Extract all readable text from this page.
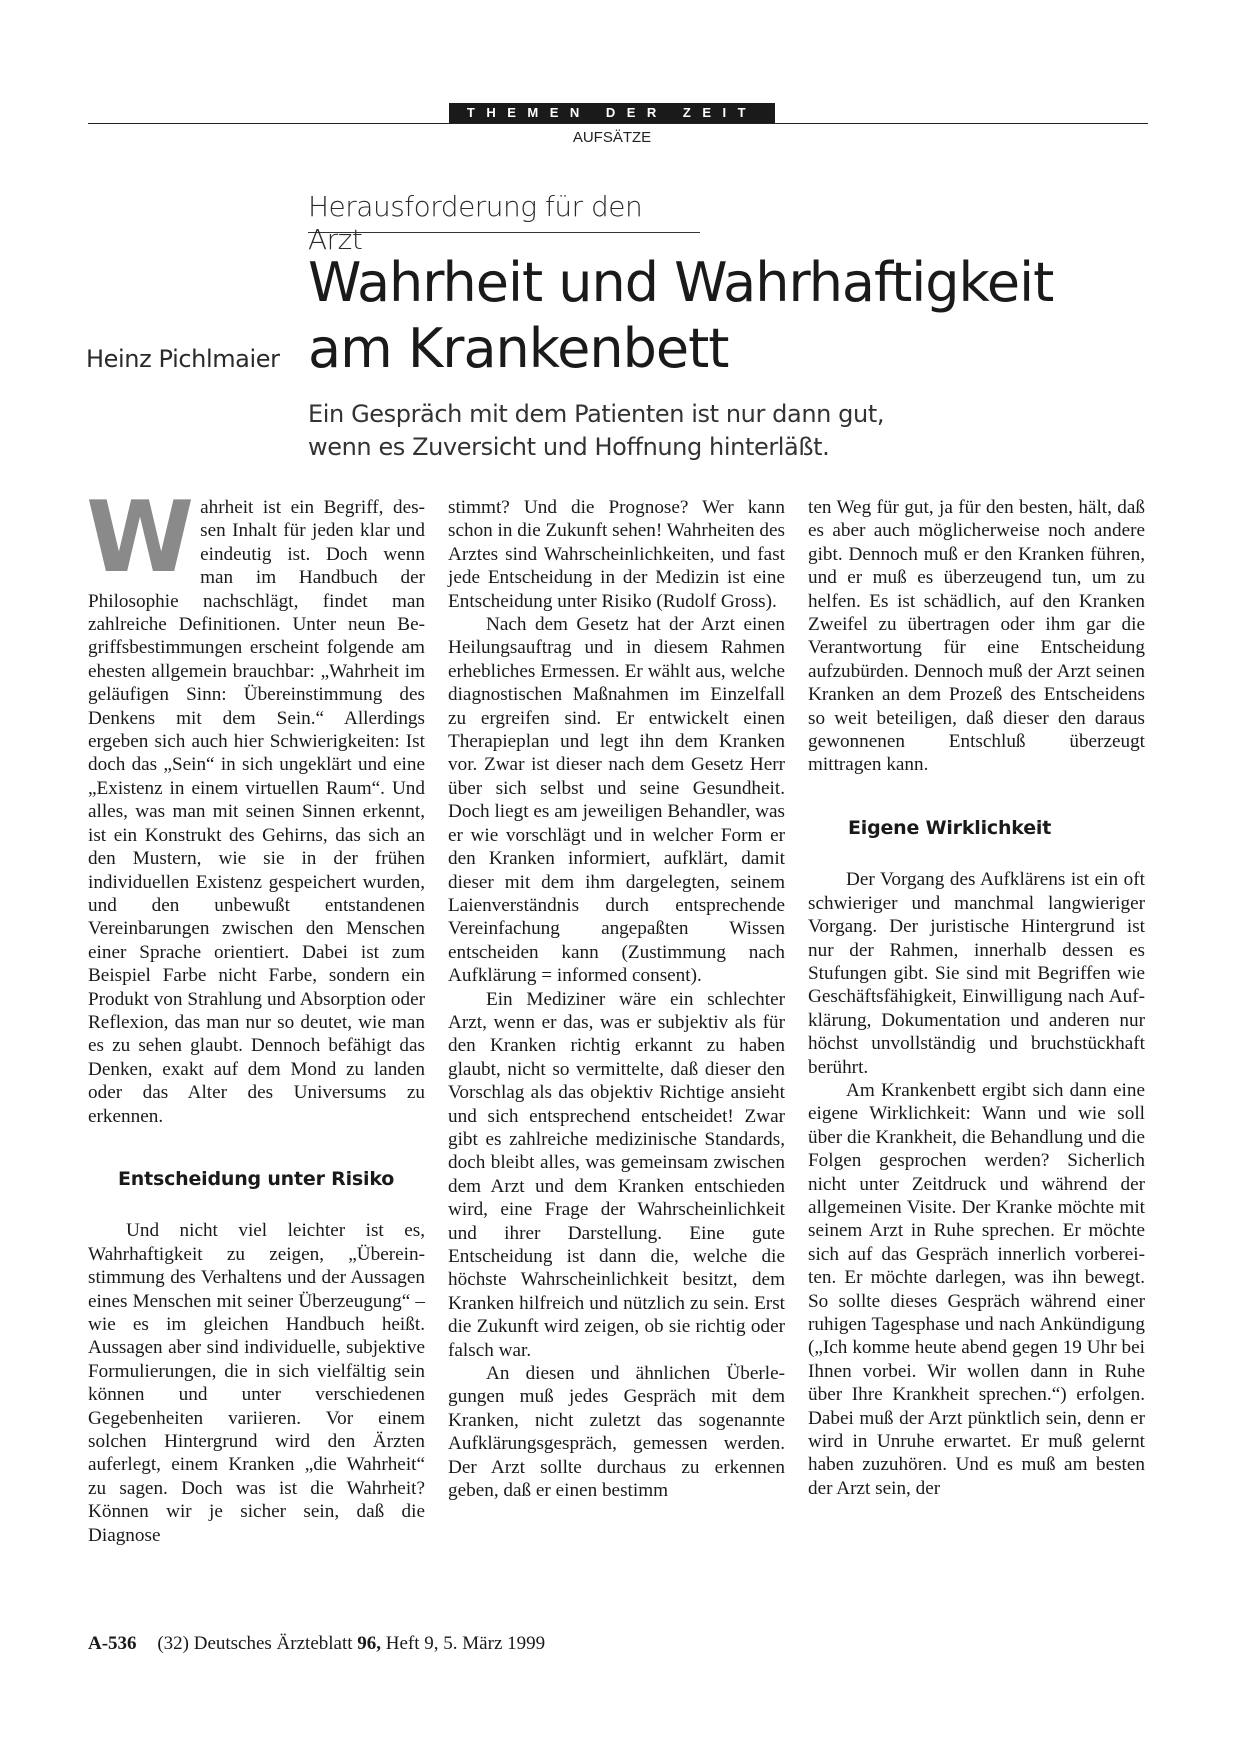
THEMEN DER ZEIT
AUFSÄTZE
Herausforderung für den Arzt
Wahrheit und Wahrhaftigkeit
am Krankenbett
Heinz Pichlmaier
Ein Gespräch mit dem Patienten ist nur dann gut,
wenn es Zuversicht und Hoffnung hinterläßt.

Wahrheit ist ein Begriff, dessen Inhalt für jeden klar und eindeutig ist. Doch wenn man im Handbuch der Philosophie nachschlägt, findet man zahlreiche Definitionen. Unter neun Begriffsbestimmungen erscheint folgende am ehesten allgemein brauchbar: „Wahrheit im geläufigen Sinn: Übereinstimmung des Denkens mit dem Sein.“ Allerdings ergeben sich auch hier Schwierigkeiten: Ist doch das „Sein“ in sich ungeklärt und eine „Existenz in einem virtuellen Raum“. Und alles, was man mit seinen Sinnen erkennt, ist ein Konstrukt des Gehirns, das sich an den Mustern, wie sie in der frühen individuellen Existenz gespeichert wurden, und den unbewußt entstandenen Vereinbarungen zwischen den Menschen einer Sprache orientiert. Dabei ist zum Beispiel Farbe nicht Farbe, sondern ein Produkt von Strahlung und Absorption oder Reflexion, das man nur so deutet, wie man es zu sehen glaubt. Dennoch befähigt das Denken, exakt auf dem Mond zu landen oder das Alter des Universums zu erkennen.

Entscheidung unter Risiko

Und nicht viel leichter ist es, Wahrhaftigkeit zu zeigen, „Übereinstimmung des Verhaltens und der Aussagen eines Menschen mit seiner Überzeugung“ – wie es im gleichen Handbuch heißt. Aussagen aber sind individuelle, subjektive Formulierungen, die in sich vielfältig sein können und unter verschiedenen Gegebenheiten variieren. Vor einem solchen Hintergrund wird den Ärzten auferlegt, einem Kranken „die Wahrheit“ zu sagen. Doch was ist die Wahrheit? Können wir je sicher sein, daß die Diagnose

stimmt? Und die Prognose? Wer kann schon in die Zukunft sehen! Wahrheiten des Arztes sind Wahrscheinlichkeiten, und fast jede Entscheidung in der Medizin ist eine Entscheidung unter Risiko (Rudolf Gross).

Nach dem Gesetz hat der Arzt einen Heilungsauftrag und in diesem Rahmen erhebliches Ermessen. Er wählt aus, welche diagnostischen Maßnahmen im Einzelfall zu ergreifen sind. Er entwickelt einen Therapieplan und legt ihn dem Kranken vor. Zwar ist dieser nach dem Gesetz Herr über sich selbst und seine Gesundheit. Doch liegt es am jeweiligen Behandler, was er wie vorschlägt und in welcher Form er den Kranken informiert, aufklärt, damit dieser mit dem ihm dargelegten, seinem Laienverständnis durch entsprechende Vereinfachung angepaßten Wissen entscheiden kann (Zustimmung nach Aufklärung = informed consent).

Ein Mediziner wäre ein schlechter Arzt, wenn er das, was er subjektiv als für den Kranken richtig erkannt zu haben glaubt, nicht so vermittelte, daß dieser den Vorschlag als das objektiv Richtige ansieht und sich entsprechend entscheidet! Zwar gibt es zahlreiche medizinische Standards, doch bleibt alles, was gemeinsam zwischen dem Arzt und dem Kranken entschieden wird, eine Frage der Wahrscheinlichkeit und ihrer Darstellung. Eine gute Entscheidung ist dann die, welche die höchste Wahrscheinlichkeit besitzt, dem Kranken hilfreich und nützlich zu sein. Erst die Zukunft wird zeigen, ob sie richtig oder falsch war.

An diesen und ähnlichen Überlegungen muß jedes Gespräch mit dem Kranken, nicht zuletzt das sogenannte Aufklärungsgespräch, gemessen werden. Der Arzt sollte durchaus zu erkennen geben, daß er einen bestimm

ten Weg für gut, ja für den besten, hält, daß es aber auch möglicherweise noch andere gibt. Dennoch muß er den Kranken führen, und er muß es überzeugend tun, um zu helfen. Es ist schädlich, auf den Kranken Zweifel zu übertragen oder ihm gar die Verantwortung für eine Entscheidung aufzubürden. Dennoch muß der Arzt seinen Kranken an dem Prozeß des Entscheidens so weit beteiligen, daß dieser den daraus gewonnenen Entschluß überzeugt mittragen kann.

Eigene Wirklichkeit

Der Vorgang des Aufklärens ist ein oft schwieriger und manchmal langwieriger Vorgang. Der juristische Hintergrund ist nur der Rahmen, innerhalb dessen es Stufungen gibt. Sie sind mit Begriffen wie Geschäftsfähigkeit, Einwilligung nach Aufklärung, Dokumentation und anderen nur höchst unvollständig und bruchstückhaft berührt.

Am Krankenbett ergibt sich dann eine eigene Wirklichkeit: Wann und wie soll über die Krankheit, die Behandlung und die Folgen gesprochen werden? Sicherlich nicht unter Zeitdruck und während der allgemeinen Visite. Der Kranke möchte mit seinem Arzt in Ruhe sprechen. Er möchte sich auf das Gespräch innerlich vorbereiten. Er möchte darlegen, was ihn bewegt. So sollte dieses Gespräch während einer ruhigen Tagesphase und nach Ankündigung („Ich komme heute abend gegen 19 Uhr bei Ihnen vorbei. Wir wollen dann in Ruhe über Ihre Krankheit sprechen.“) erfolgen. Dabei muß der Arzt pünktlich sein, denn er wird in Unruhe erwartet. Er muß gelernt haben zuzuhören. Und es muß am besten der Arzt sein, der

A-536 (32) Deutsches Ärzteblatt 96, Heft 9, 5. März 1999
